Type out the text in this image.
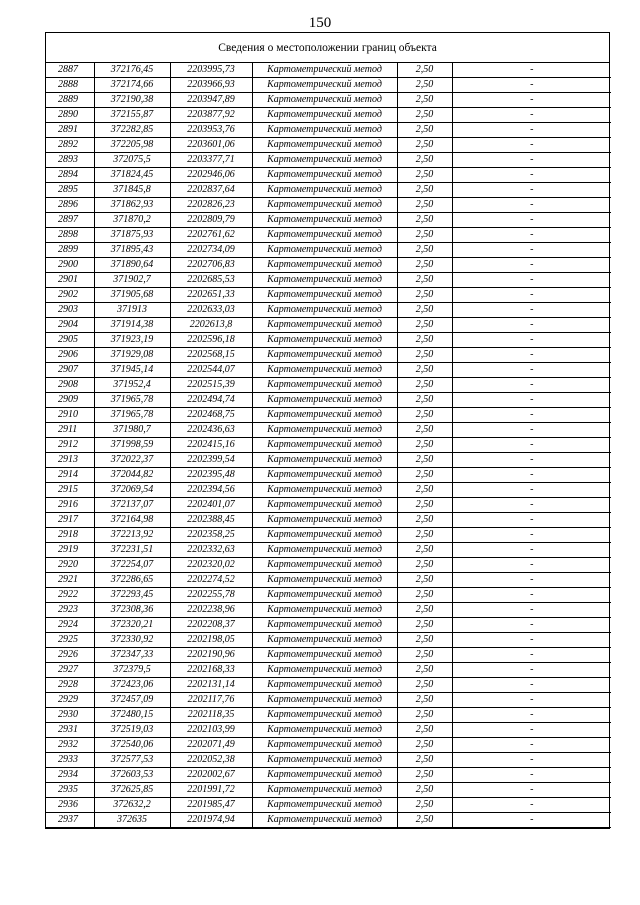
150
Сведения о местоположении границ объекта
2887	372176,45	2203995,73	Картометрический метод	2,50	-
2888	372174,66	2203966,93	Картометрический метод	2,50	-
2889	372190,38	2203947,89	Картометрический метод	2,50	-
2890	372155,87	2203877,92	Картометрический метод	2,50	-
2891	372282,85	2203953,76	Картометрический метод	2,50	-
2892	372205,98	2203601,06	Картометрический метод	2,50	-
2893	372075,5	2203377,71	Картометрический метод	2,50	-
2894	371824,45	2202946,06	Картометрический метод	2,50	-
2895	371845,8	2202837,64	Картометрический метод	2,50	-
2896	371862,93	2202826,23	Картометрический метод	2,50	-
2897	371870,2	2202809,79	Картометрический метод	2,50	-
2898	371875,93	2202761,62	Картометрический метод	2,50	-
2899	371895,43	2202734,09	Картометрический метод	2,50	-
2900	371890,64	2202706,83	Картометрический метод	2,50	-
2901	371902,7	2202685,53	Картометрический метод	2,50	-
2902	371905,68	2202651,33	Картометрический метод	2,50	-
2903	371913	2202633,03	Картометрический метод	2,50	-
2904	371914,38	2202613,8	Картометрический метод	2,50	-
2905	371923,19	2202596,18	Картометрический метод	2,50	-
2906	371929,08	2202568,15	Картометрический метод	2,50	-
2907	371945,14	2202544,07	Картометрический метод	2,50	-
2908	371952,4	2202515,39	Картометрический метод	2,50	-
2909	371965,78	2202494,74	Картометрический метод	2,50	-
2910	371965,78	2202468,75	Картометрический метод	2,50	-
2911	371980,7	2202436,63	Картометрический метод	2,50	-
2912	371998,59	2202415,16	Картометрический метод	2,50	-
2913	372022,37	2202399,54	Картометрический метод	2,50	-
2914	372044,82	2202395,48	Картометрический метод	2,50	-
2915	372069,54	2202394,56	Картометрический метод	2,50	-
2916	372137,07	2202401,07	Картометрический метод	2,50	-
2917	372164,98	2202388,45	Картометрический метод	2,50	-
2918	372213,92	2202358,25	Картометрический метод	2,50	-
2919	372231,51	2202332,63	Картометрический метод	2,50	-
2920	372254,07	2202320,02	Картометрический метод	2,50	-
2921	372286,65	2202274,52	Картометрический метод	2,50	-
2922	372293,45	2202255,78	Картометрический метод	2,50	-
2923	372308,36	2202238,96	Картометрический метод	2,50	-
2924	372320,21	2202208,37	Картометрический метод	2,50	-
2925	372330,92	2202198,05	Картометрический метод	2,50	-
2926	372347,33	2202190,96	Картометрический метод	2,50	-
2927	372379,5	2202168,33	Картометрический метод	2,50	-
2928	372423,06	2202131,14	Картометрический метод	2,50	-
2929	372457,09	2202117,76	Картометрический метод	2,50	-
2930	372480,15	2202118,35	Картометрический метод	2,50	-
2931	372519,03	2202103,99	Картометрический метод	2,50	-
2932	372540,06	2202071,49	Картометрический метод	2,50	-
2933	372577,53	2202052,38	Картометрический метод	2,50	-
2934	372603,53	2202002,67	Картометрический метод	2,50	-
2935	372625,85	2201991,72	Картометрический метод	2,50	-
2936	372632,2	2201985,47	Картометрический метод	2,50	-
2937	372635	2201974,94	Картометрический метод	2,50	-
